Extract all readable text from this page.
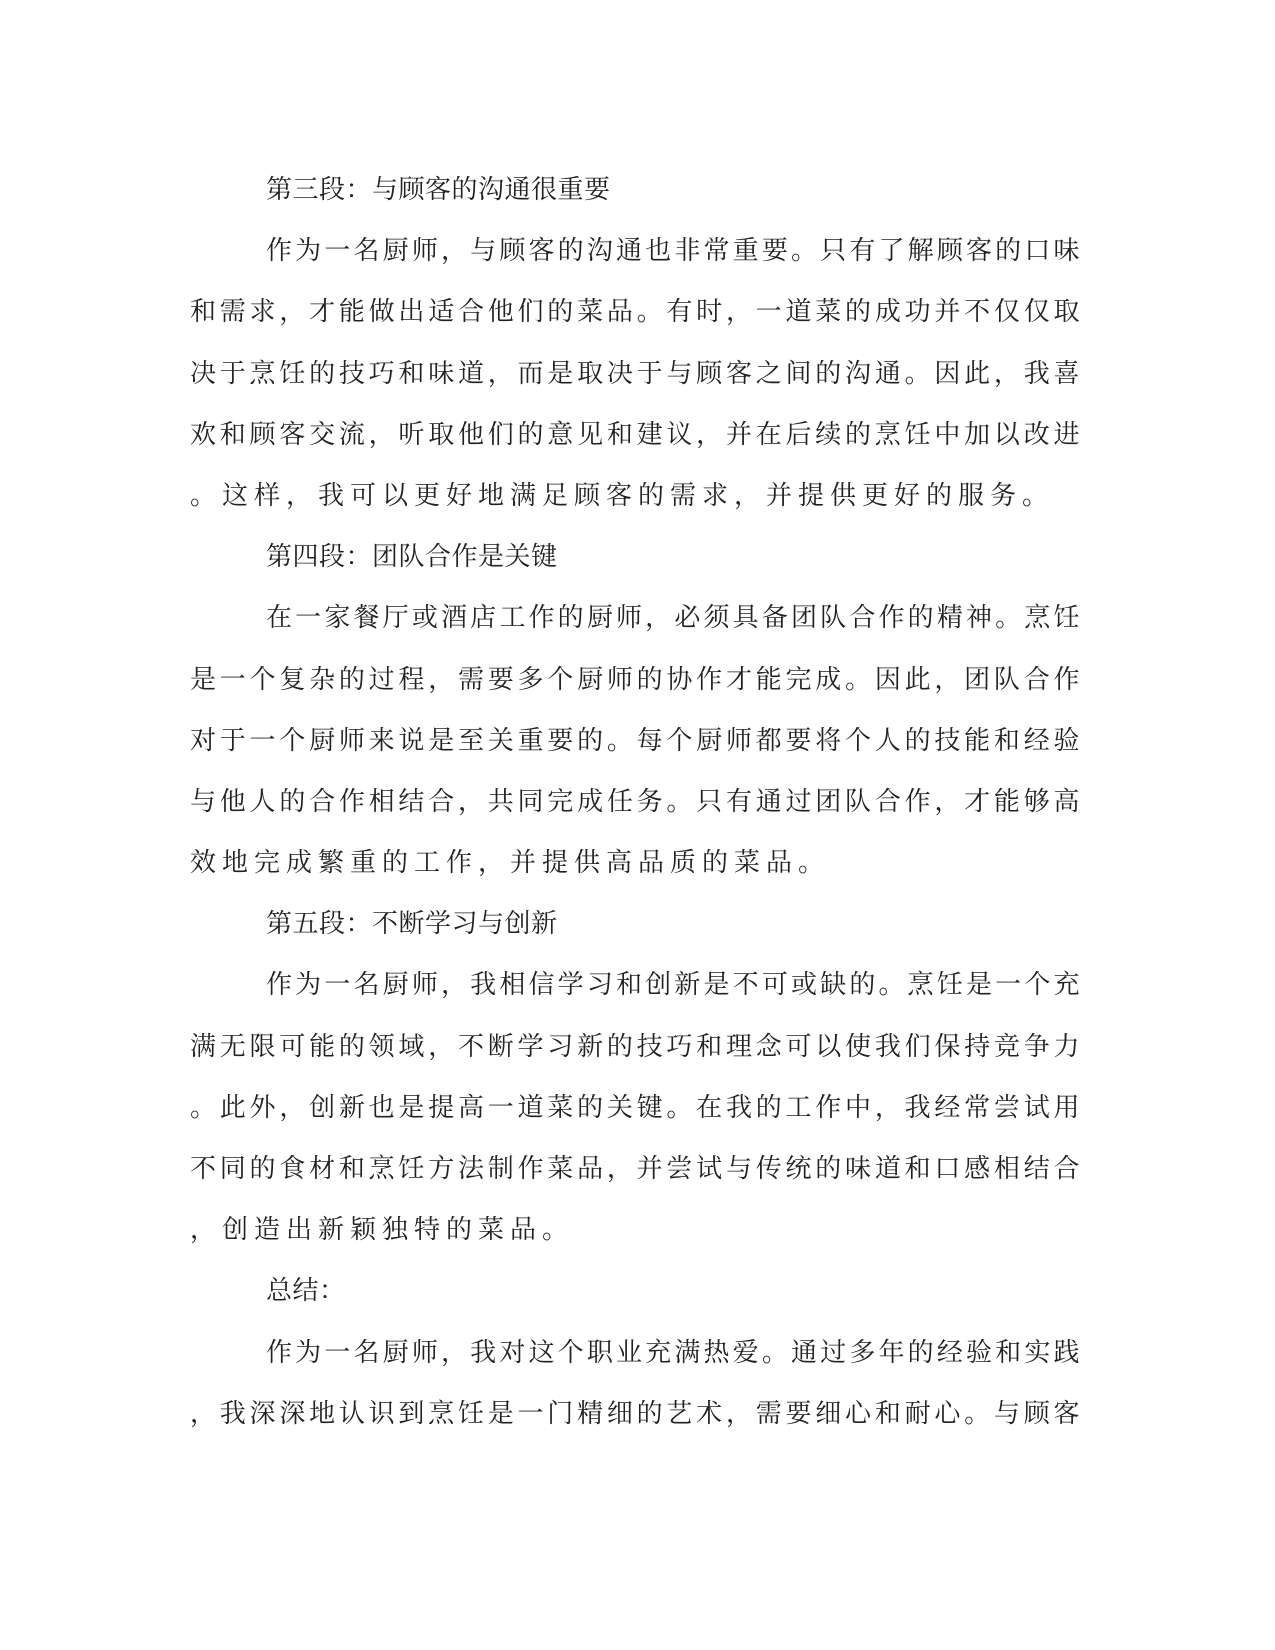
第三段：与顾客的沟通很重要
作为一名厨师，与顾客的沟通也非常重要。只有了解顾客的口味
和需求，才能做出适合他们的菜品。有时，一道菜的成功并不仅仅取
决于烹饪的技巧和味道，而是取决于与顾客之间的沟通。因此，我喜
欢和顾客交流，听取他们的意见和建议，并在后续的烹饪中加以改进
。这样，我可以更好地满足顾客的需求，并提供更好的服务。
第四段：团队合作是关键
在一家餐厅或酒店工作的厨师，必须具备团队合作的精神。烹饪
是一个复杂的过程，需要多个厨师的协作才能完成。因此，团队合作
对于一个厨师来说是至关重要的。每个厨师都要将个人的技能和经验
与他人的合作相结合，共同完成任务。只有通过团队合作，才能够高
效地完成繁重的工作，并提供高品质的菜品。
第五段：不断学习与创新
作为一名厨师，我相信学习和创新是不可或缺的。烹饪是一个充
满无限可能的领域，不断学习新的技巧和理念可以使我们保持竞争力
。此外，创新也是提高一道菜的关键。在我的工作中，我经常尝试用
不同的食材和烹饪方法制作菜品，并尝试与传统的味道和口感相结合
，创造出新颖独特的菜品。
总结：
作为一名厨师，我对这个职业充满热爱。通过多年的经验和实践
，我深深地认识到烹饪是一门精细的艺术，需要细心和耐心。与顾客
